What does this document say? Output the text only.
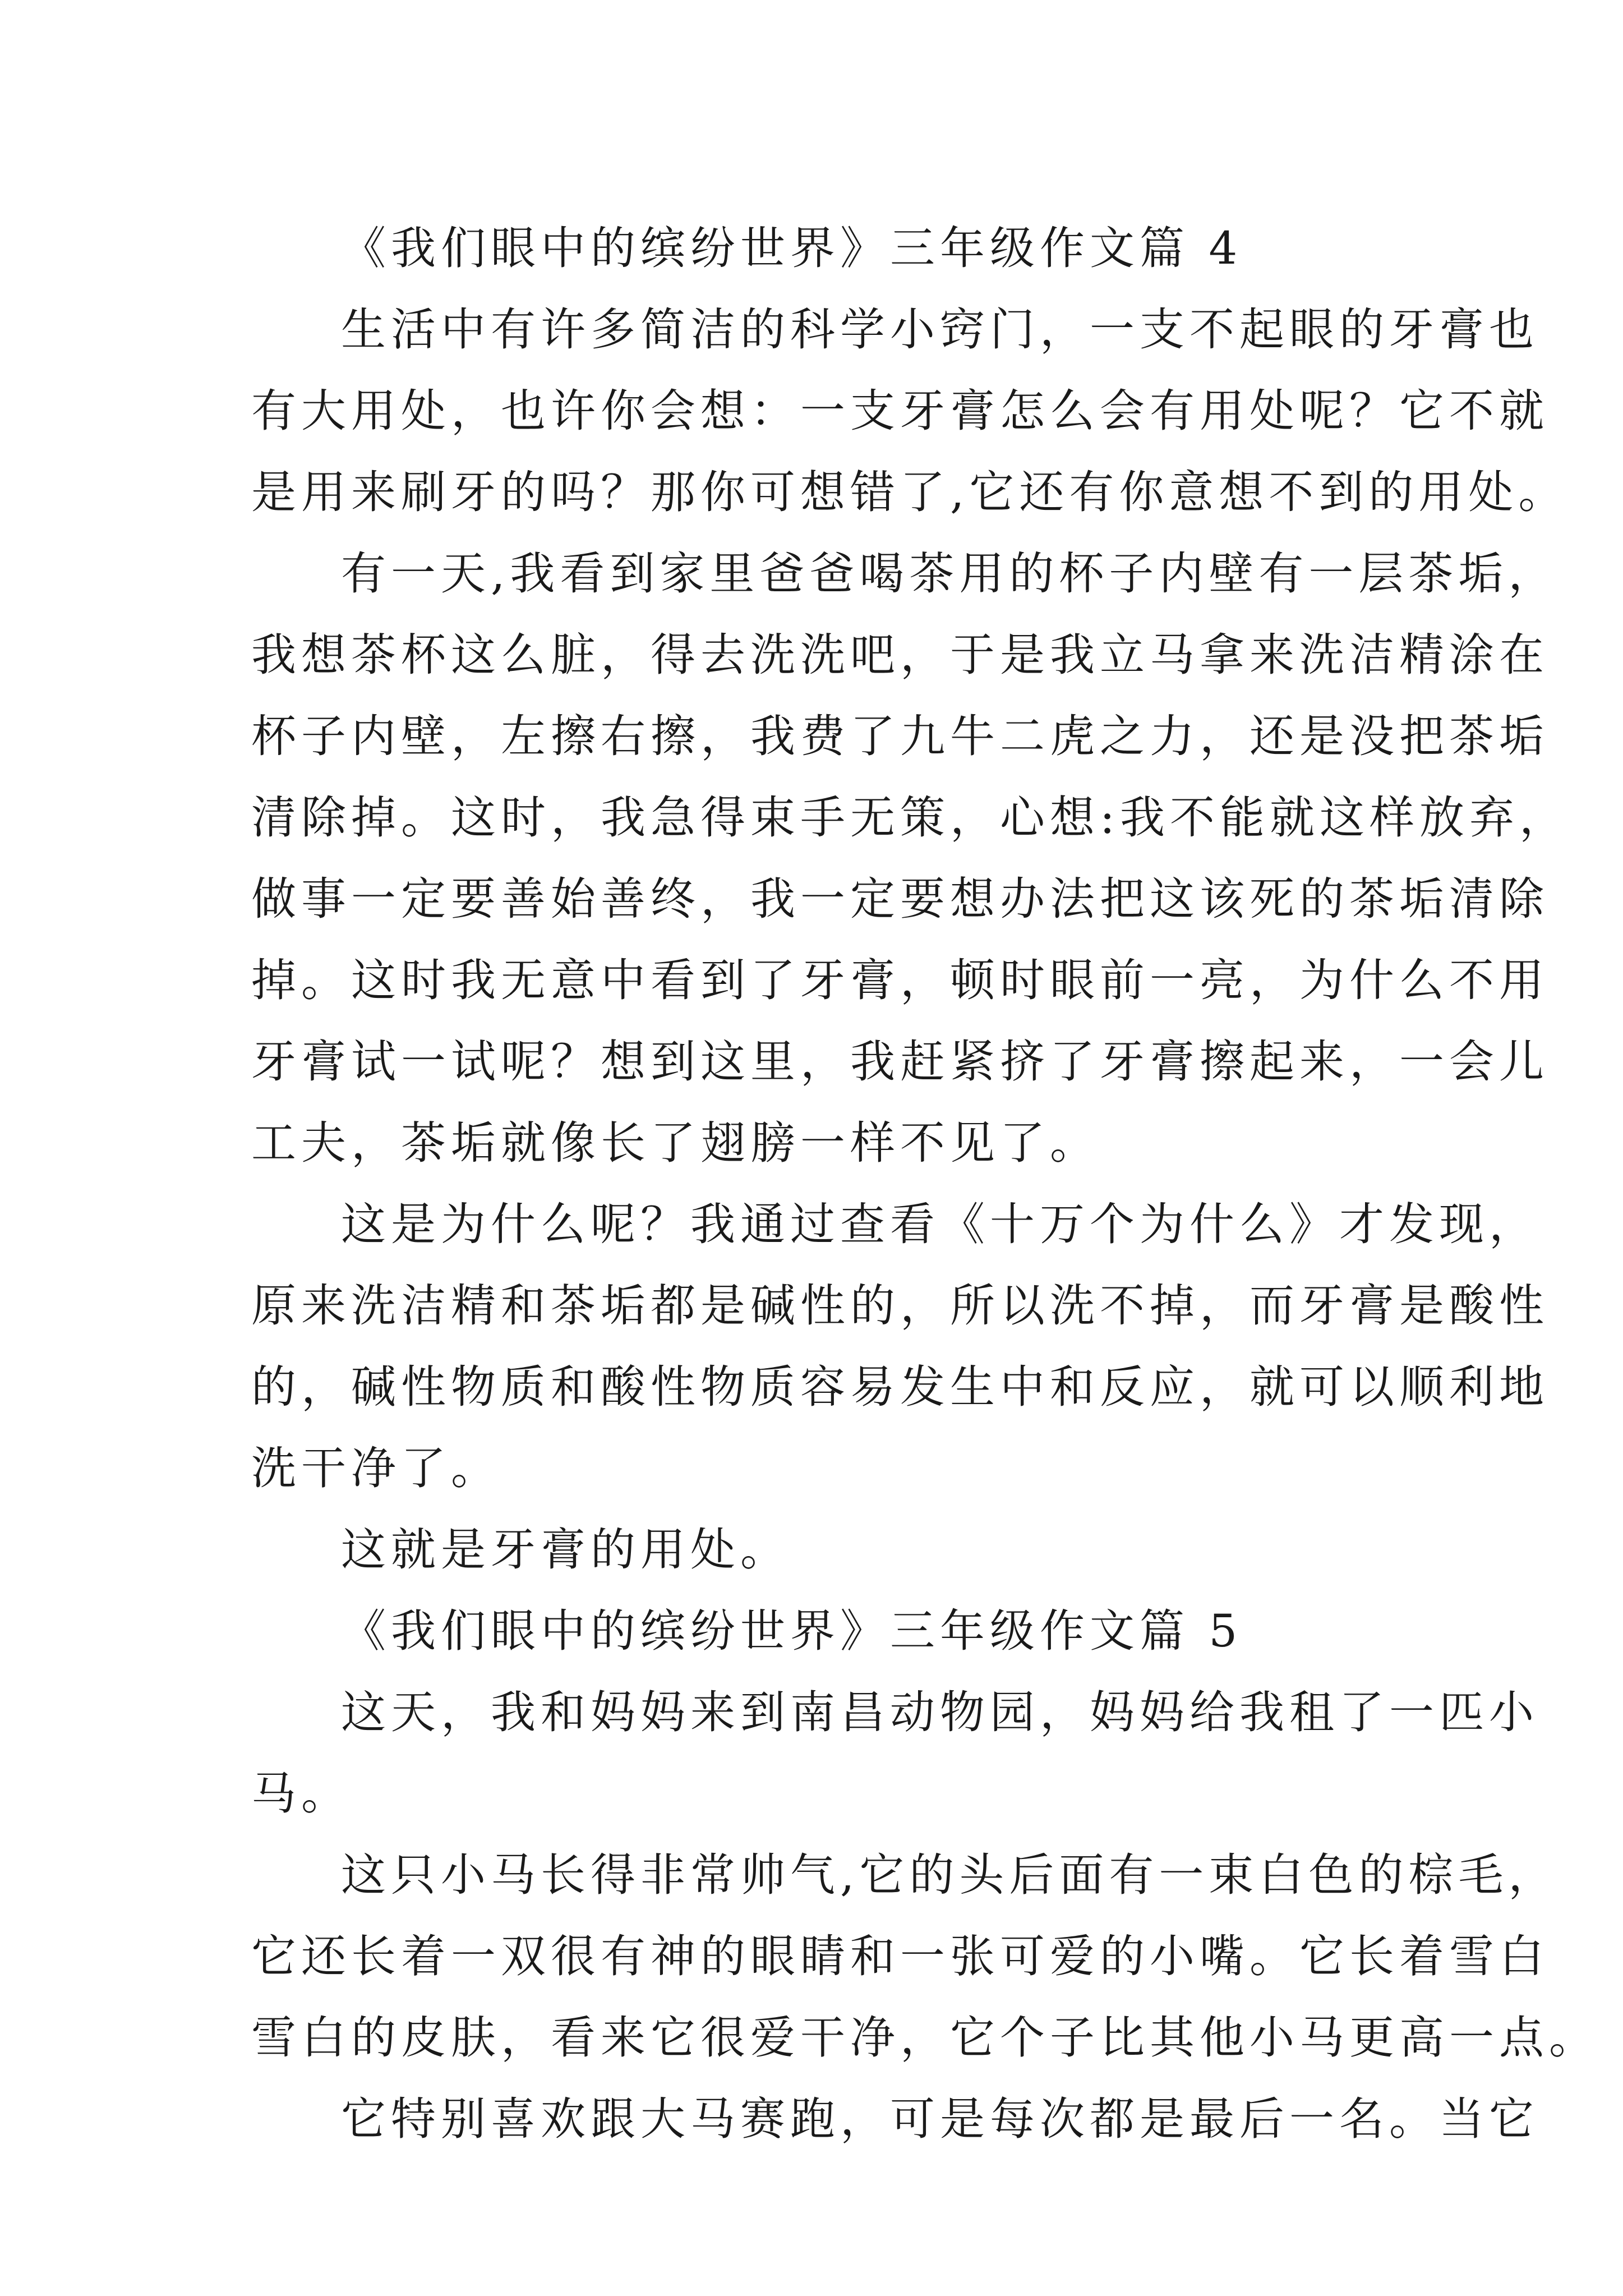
《我们眼中的缤纷世界》三年级作文篇 4
生活中有许多简洁的科学小窍门，一支不起眼的牙膏也
有大用处，也许你会想：一支牙膏怎么会有用处呢？它不就
是用来刷牙的吗？那你可想错了,它还有你意想不到的用处。
有一天,我看到家里爸爸喝茶用的杯子内壁有一层茶垢，
我想茶杯这么脏，得去洗洗吧，于是我立马拿来洗洁精涂在
杯子内壁，左擦右擦，我费了九牛二虎之力，还是没把茶垢
清除掉。这时，我急得束手无策，心想:我不能就这样放弃，
做事一定要善始善终，我一定要想办法把这该死的茶垢清除
掉。这时我无意中看到了牙膏，顿时眼前一亮，为什么不用
牙膏试一试呢？想到这里，我赶紧挤了牙膏擦起来，一会儿
工夫，茶垢就像长了翅膀一样不见了。
这是为什么呢？我通过查看《十万个为什么》才发现，
原来洗洁精和茶垢都是碱性的，所以洗不掉，而牙膏是酸性
的，碱性物质和酸性物质容易发生中和反应，就可以顺利地
洗干净了。
这就是牙膏的用处。
《我们眼中的缤纷世界》三年级作文篇 5
这天，我和妈妈来到南昌动物园，妈妈给我租了一匹小
马。
这只小马长得非常帅气,它的头后面有一束白色的棕毛，
它还长着一双很有神的眼睛和一张可爱的小嘴。它长着雪白
雪白的皮肤，看来它很爱干净，它个子比其他小马更高一点。
它特别喜欢跟大马赛跑，可是每次都是最后一名。当它
